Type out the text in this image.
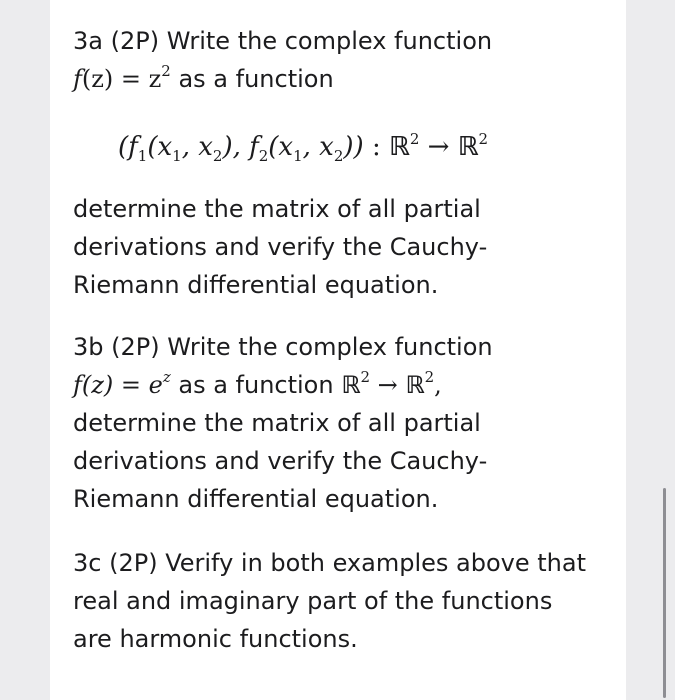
3a (2P) Write the complex function

$f(z) = z^2$ as a function

($f_1(x_1$, $x_2$), $f_2(x_1$, $x_2$)) : ℝ$^2$ → ℝ$^2$

determine the matrix of all partial

derivations and verify the Cauchy-

Riemann differential equation.

3b (2P) Write the complex function

$f(z) = e^z$ as a function ℝ$^2$ → ℝ$^2$,

determine the matrix of all partial

derivations and verify the Cauchy-

Riemann differential equation.

3c (2P) Verify in both examples above that

real and imaginary part of the functions

are harmonic functions.
